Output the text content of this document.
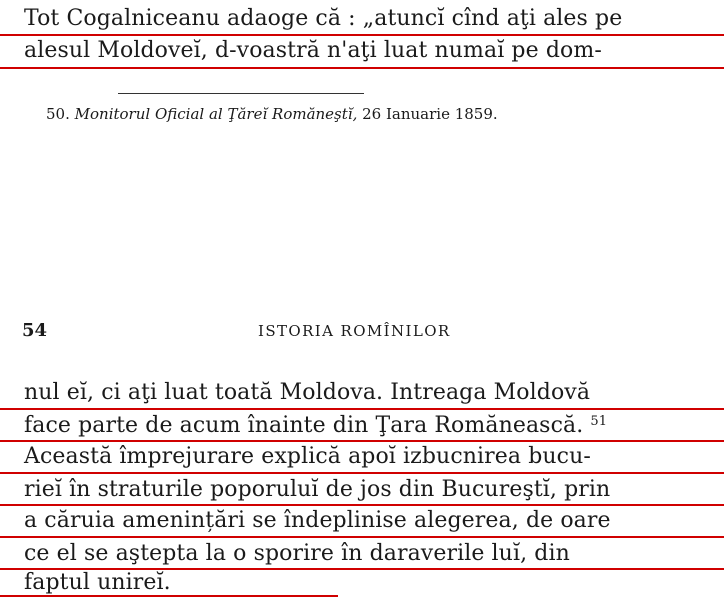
Tot Cogalniceanu adaoge că : „atuncĭ cînd aţi ales pe
alesul Moldoveĭ, d-voastră n'aţi luat numaĭ pe dom-
50. Monitorul Oficial al Ţăreĭ Romăneştĭ, 26 Ianuarie 1859.
54	ISTORIA ROMÎNILOR
nul eĭ, ci aţi luat toată Moldova. Intreaga Moldovă
face parte de acum înainte din Ţara Romănească. $^{51}$
Această împrejurare explică apoĭ izbucnirea bucu-
rieĭ în straturile poporuluĭ de jos din Bucureştĭ, prin
a căruia amenințări se îndeplinise alegerea, de oare
ce el se aştepta la o sporire în daraverile luĭ, din
faptul unireĭ.
